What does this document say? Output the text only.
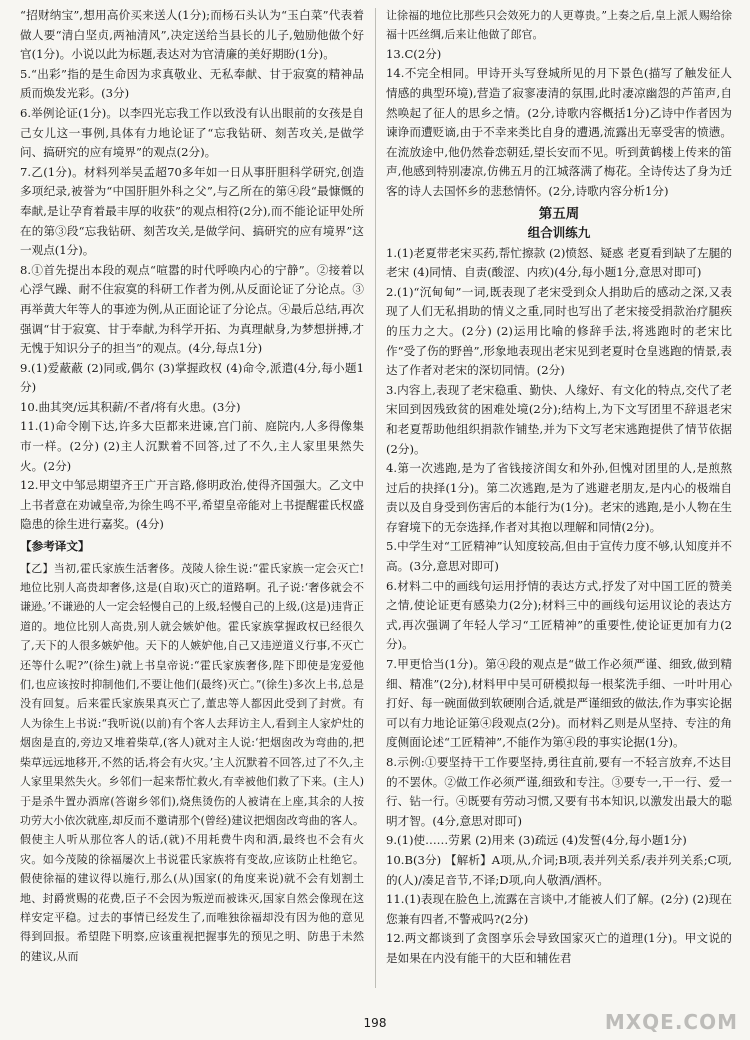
“招财纳宝”,想用高价买来送人(1分);而杨石头认为“玉白菜”代表着做人要“清白坚贞,两袖清风”,决定送给当县长的儿子,勉励他做个好官(1分)。小说以此为标题,表达对为官清廉的美好期盼(1分)。

5.“出彩”指的是生命因为求真敬业、无私奉献、甘于寂寞的精神品质而焕发光彩。(3分)

6.举例论证(1分)。以李四光忘我工作以致没有认出眼前的女孩是自己女儿这一事例,具体有力地论证了“忘我钻研、刻苦攻关,是做学问、搞研究的应有境界”的观点(2分)。

7.乙(1分)。材料列举吴孟超70多年如一日从事肝胆科学研究,创造多项纪录,被誉为“中国肝胆外科之父”,与乙所在的第④段“最慷慨的奉献,是让孕育着最丰厚的收获”的观点相符(2分),而不能论证甲处所在的第③段“忘我钻研、刻苦攻关,是做学问、搞研究的应有境界”这一观点(1分)。

8.①首先提出本段的观点“喧嚣的时代呼唤内心的宁静”。②接着以心浮气躁、耐不住寂寞的科研工作者为例,从反面论证了分论点。③再举黄大年等人的事迹为例,从正面论证了分论点。④最后总结,再次强调“甘于寂寞、甘于奉献,为科学开拓、为真理献身,为梦想拼搏,才无愧于知识分子的担当”的观点。(4分,每点1分)

9.(1)爱蔽蔽 (2)同或,偶尔 (3)掌握政权 (4)命令,派遣(4分,每小题1分)

10.曲其突/远其积薪/不者/将有火患。(3分)

11.(1)命令刚下达,许多大臣都来进谏,宫门前、庭院内,人多得像集市一样。(2分) (2)主人沉默着不回答,过了不久,主人家里果然失火。(2分)

12.甲文中邹忌期望齐王广开言路,修明政治,使得齐国强大。乙文中上书者意在劝诫皇帝,为徐生鸣不平,希望皇帝能对上书提醒霍氏权盛隐患的徐生进行嘉奖。(4分)

【参考译文】

【乙】当初,霍氏家族生活奢侈。茂陵人徐生说:“霍氏家族一定会灭亡!地位比别人高贵却奢侈,这是(自取)灭亡的道路啊。孔子说:‘奢侈就会不谦逊。’不谦逊的人一定会轻慢自己的上级,轻慢自己的上级,(这是)违背正道的。地位比别人高贵,别人就会嫉妒他。霍氏家族掌握政权已经很久了,天下的人很多嫉妒他。天下的人嫉妒他,自己又违逆道义行事,不灭亡还等什么呢?”(徐生)就上书皇帝说:“霍氏家族奢侈,陛下即使是宠爱他们,也应该按时抑制他们,不要让他们(最终)灭亡。”(徐生)多次上书,总是没有回复。后来霍氏家族果真灭亡了,董忠等人都因此受到了封赏。有人为徐生上书说:“我听说(以前)有个客人去拜访主人,看到主人家炉灶的烟囱是直的,旁边又堆着柴草,(客人)就对主人说:‘把烟囱改为弯曲的,把柴草远远地移开,不然的话,将会有火灾。’主人沉默着不回答,过了不久,主人家里果然失火。乡邻们一起来帮忙救火,有幸被他们救了下来。(主人)于是杀牛置办酒席(答谢乡邻们),烧焦烫伤的人被请在上座,其余的人按功劳大小依次就座,却反而不邀请那个(曾经)建议把烟囱改弯曲的客人。假使主人听从那位客人的话,(就)不用耗费牛肉和酒,最终也不会有火灾。如今茂陵的徐福屡次上书说霍氏家族将有变故,应该防止杜绝它。假使徐福的建议得以施行,那么(从)国家(的角度来说)就不会有划割土地、封爵赏赐的花费,臣子不会因为叛逆而被诛灭,国家自然会像现在这样安定平稳。过去的事情已经发生了,而唯独徐福却没有因为他的意见得到回报。希望陛下明察,应该重视把握事先的预见之明、防患于未然的建议,从而

让徐福的地位比那些只会效死力的人更尊贵。”上奏之后,皇上派人赐给徐福十匹丝绸,后来让他做了郎官。

13.C(2分)

14.不完全相同。甲诗开头写登城所见的月下景色(描写了触发征人情感的典型环境),营造了寂寥凄清的氛围,此时凄凉幽怨的芦笛声,自然唤起了征人的思乡之情。(2分,诗歌内容概括1分)乙诗中作者因为谏诤而遭贬谪,由于不幸来类比自身的遭遇,流露出无辜受害的愤懑。在流放途中,他仍然眷恋朝廷,望长安而不见。听到黄鹤楼上传来的笛声,他感到特别凄凉,仿佛五月的江城落满了梅花。全诗传达了身为迁客的诗人去国怀乡的悲愁情怀。(2分,诗歌内容分析1分)

第五周
组合训练九

1.(1)老夏带老宋买药,帮忙擦款 (2)愤怒、疑惑 老夏看到缺了左腿的老宋 (4)同情、自责(酸涩、内疚)(4分,每小题1分,意思对即可)

2.(1)“沉甸甸”一词,既表现了老宋受到众人捐助后的感动之深,又表现了人们无私捐助的情义之重,同时也写出了老宋接受捐款治疗腿疾的压力之大。(2分) (2)运用比喻的修辞手法,将逃跑时的老宋比作“受了伤的野兽”,形象地表现出老宋见到老夏时仓皇逃跑的情景,表达了作者对老宋的深切同情。(2分)

3.内容上,表现了老宋稳重、勤快、人缘好、有文化的特点,交代了老宋回到因残致贫的困难处境(2分);结构上,为下文写团里不辞退老宋和老夏帮助他组织捐款作铺垫,并为下文写老宋逃跑提供了情节依据(2分)。

4.第一次逃跑,是为了省钱接济闺女和外孙,但愧对团里的人,是煎熬过后的抉择(1分)。第二次逃跑,是为了逃避老朋友,是内心的极端自责以及自身受到伤害后的本能行为(1分)。老宋的逃跑,是小人物在生存窘境下的无奈选择,作者对其抱以理解和同情(2分)。

5.中学生对“工匠精神”认知度较高,但由于宣传力度不够,认知度并不高。(3分,意思对即可)

6.材料二中的画线句运用抒情的表达方式,抒发了对中国工匠的赞美之情,使论证更有感染力(2分);材料三中的画线句运用议论的表达方式,再次强调了年轻人学习“工匠精神”的重要性,使论证更加有力(2分)。

7.甲更恰当(1分)。第④段的观点是“做工作必须严谨、细致,做到精细、精准”(2分),材料甲中吴可研模拟每一根桨洗手细、一叶叶用心打好、每一碗面做到软硬刚合适,就是严谨细致的做法,作为事实论据可以有力地论证第④段观点(2分)。而材料乙则是从坚持、专注的角度侧面论述“工匠精神”,不能作为第④段的事实论据(1分)。

8.示例:①要坚持干工作要坚持,勇往直前,要有一不轻言放弃,不达目的不罢休。②做工作必须严谨,细致和专注。③要专一,干一行、爱一行、钻一行。④既要有劳动习惯,又要有书本知识,以激发出最大的聪明才智。(4分,意思对即可)

9.(1)使……劳累 (2)用来 (3)疏远 (4)发誓(4分,每小题1分)

10.B(3分) 【解析】A项,从,介词;B项,表并列关系/表并列关系;C项,的(人)/凑足音节,不译;D项,向人敬酒/酒杯。

11.(1)表现在脸色上,流露在言谈中,才能被人们了解。(2分) (2)现在您兼有四者,不警戒吗?(2分)

12.两文都谈到了贪图享乐会导致国家灭亡的道理(1分)。甲文说的是如果在内没有能干的大臣和辅佐君

198	MXQE.COM
